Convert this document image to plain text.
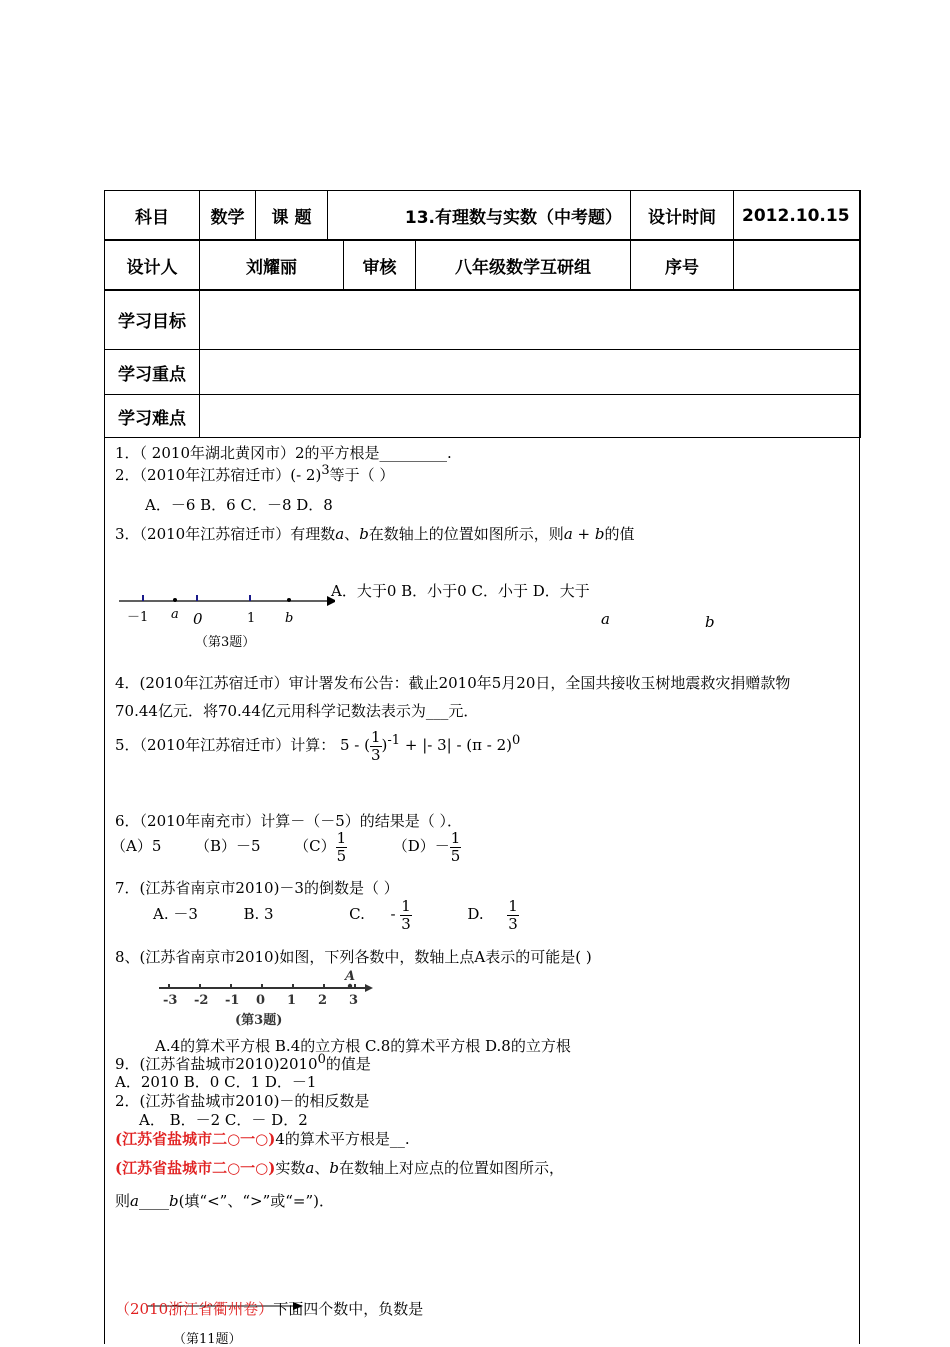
科目	数学	课 题	13.有理数与实数（中考题）	设计时间	2012.10.15
设计人	刘耀丽	审核	八年级数学互研组	序号	
学习目标	
学习重点	
学习难点	
1．（ 2010年湖北黄冈市）2的平方根是_________.
2．（2010年江苏宿迁市）(- 2)$^3$等于（ ）
A．－6 B．6 C．－8 D．8
3．（2010年江苏宿迁市）有理数a、b在数轴上的位置如图所示，则a + b的值
－1 a 0	1 b
（第3题）
A．大于0 B．小于0 C．小于 D．大于
a	b
4．(2010年江苏宿迁市）审计署发布公告：截止2010年5月20日，全国共接收玉树地震救灾捐赠款物
70.44亿元．将70.44亿元用科学记数法表示为___元．
5．（2010年江苏宿迁市）计算： 5 - ( $\frac{1}{3} )^{-1}$ + |- 3| - (π - 2)$^0$
6．（2010年南充市）计算－（－5）的结果是（ ）．
（A）5 （B）－5 $(C) \frac{1}{5}$	$(D)- \frac{1}{5}$
7．(江苏省南京市2010)－3的倒数是（ ）
A. －3	B. 3	C. - $\frac{1}{3}$	D. $\frac{1}{3}$
8、(江苏省南京市2010)如图，下列各数中，数轴上点A表示的可能是( )
-3 -2 -1 0 1 2 3
A
(第3题)
A.4的算术平方根 B.4的立方根 C.8的算术平方根 D.8的立方根
9．(江苏省盐城市2010)2010$^0$的值是
A．2010 B．0 C．1 D．－1
2．(江苏省盐城市2010)－的相反数是
A． B．－2 C．－ D．2
(江苏省盐城市二○一○)4的算术平方根是__.
(江苏省盐城市二○一○)实数a、b在数轴上对应点的位置如图所示，
则a____b(填“<”、“>”或“=”)．
（2010浙江省衢州卷）下面四个数中，负数是
（第11题）
